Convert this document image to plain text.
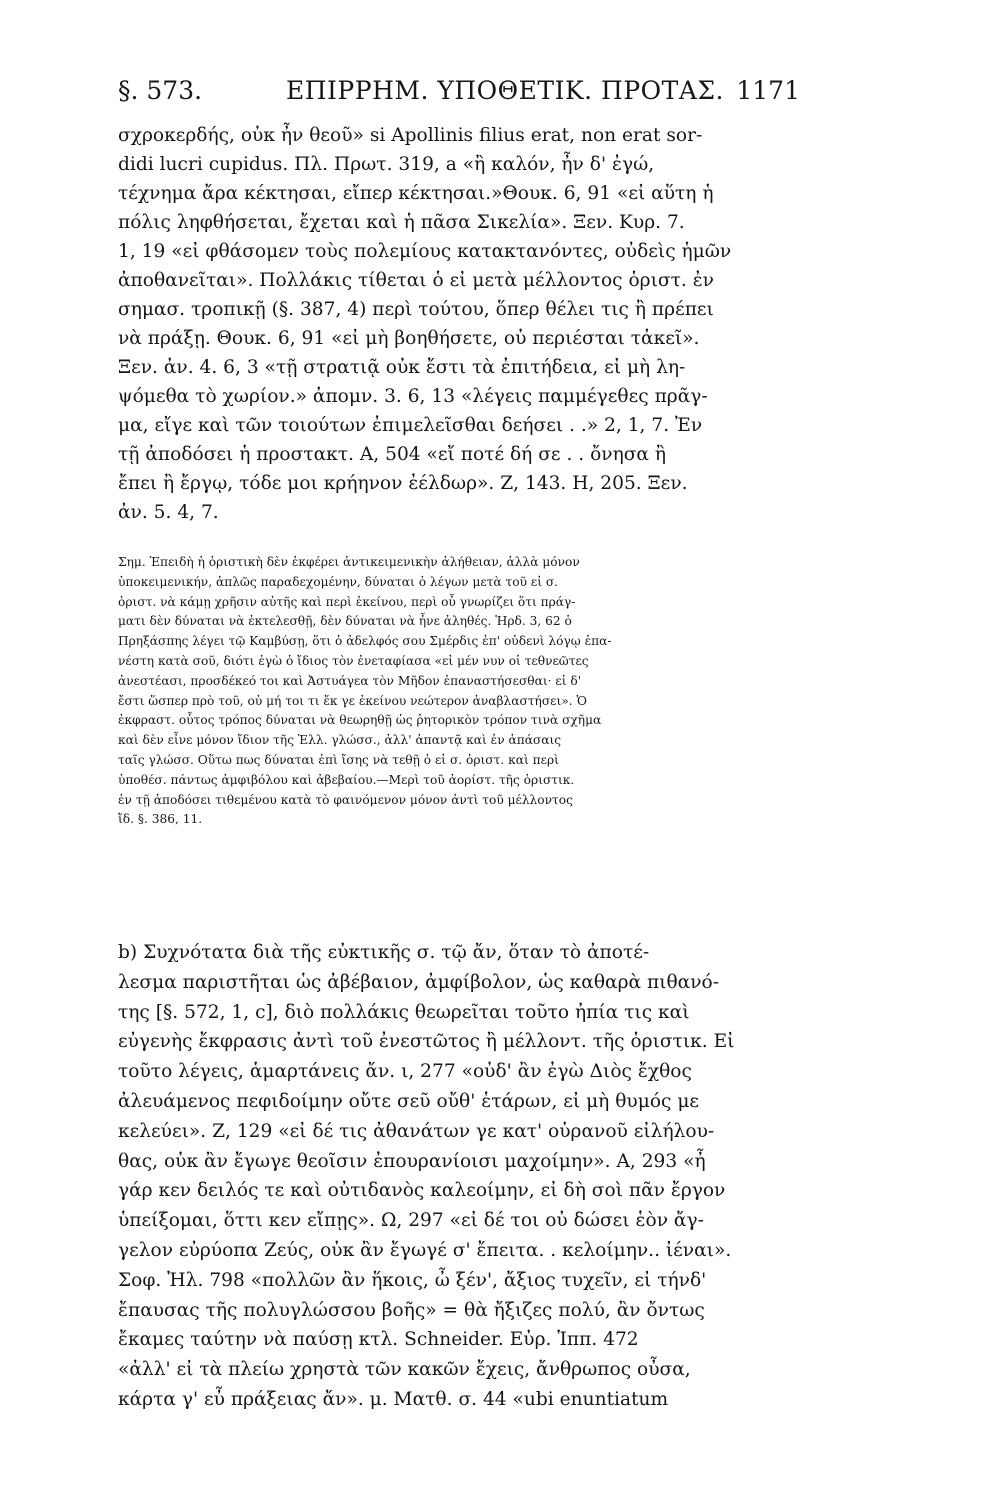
§. 573.	ΕΠΙΡΡΗΜ. ΥΠΟΘΕΤΙΚ. ΠΡΟΤΑΣ. 1171
σχροκερδής, οὐκ ἦν θεοῦ» si Apollinis filius erat, non erat sor-
didi lucri cupidus. Πλ. Πρωτ. 319, a «ἢ καλόν, ἦν δ' ἐγώ,
τέχνημα ἄρα κέκτησαι, εἴπερ κέκτησαι.»Θουκ. 6, 91 «εἰ αὕτη ἡ
πόλις ληφθήσεται, ἔχεται καὶ ἡ πᾶσα Σικελία». Ξεν. Κυρ. 7.
1, 19 «εἰ φθάσομεν τοὺς πολεμίους κατακτανόντες, οὐδεὶς ἡμῶν
ἀποθανεῖται». Πολλάκις τίθεται ὁ εἰ μετὰ μέλλοντος ὁριστ. ἐν
σημασ. τροπικῇ (§. 387, 4) περὶ τούτου, ὅπερ θέλει τις ἢ πρέπει
νὰ πράξῃ. Θουκ. 6, 91 «εἰ μὴ βοηθήσετε, οὐ περιέσται τἀκεῖ».
Ξεν. ἀν. 4. 6, 3 «τῇ στρατιᾷ οὐκ ἔστι τὰ ἐπιτήδεια, εἰ μὴ λη-
ψόμεθα τὸ χωρίον.» ἀπομν. 3. 6, 13 «λέγεις παμμέγεθες πρᾶγ-
μα, εἴγε καὶ τῶν τοιούτων ἐπιμελεῖσθαι δεήσει . .» 2, 1, 7. Ἐν
τῇ ἀποδόσει ἡ προστακτ. Α, 504 «εἴ ποτέ δή σε . . ὄνησα ἢ
ἔπει ἢ ἔργῳ, τόδε μοι κρήηνον ἐέλδωρ». Ζ, 143. Η, 205. Ξεν.
ἀν. 5. 4, 7.
Σημ. Ἐπειδὴ ἡ ὁριστικὴ δὲν ἐκφέρει ἀντικειμενικὴν ἀλήθειαν, ἀλλὰ μόνον
ὑποκειμενικήν, ἁπλῶς παραδεχομένην, δύναται ὁ λέγων μετὰ τοῦ εἰ σ.
ὁριστ. νὰ κάμῃ χρῆσιν αὐτῆς καὶ περὶ ἐκείνου, περὶ οὗ γνωρίζει ὅτι πράγ-
ματι δὲν δύναται νὰ ἐκτελεσθῇ, δὲν δύναται νὰ ἦνε ἀληθές. Ἡρδ. 3, 62 ὁ
Πρηξάσπης λέγει τῷ Καμβύσῃ, ὅτι ὁ ἀδελφός σου Σμέρδις ἐπ' οὐδενὶ λόγῳ ἐπα-
νέστη κατὰ σοῦ, διότι ἐγὼ ὁ ἴδιος τὸν ἐνεταφίασα «εἰ μέν νυν οἱ τεθνεῶτες
ἀνεστέασι, προσδέκεό τοι καὶ Ἀστυάγεα τὸν Μῆδον ἐπαναστήσεσθαι· εἰ δ'
ἔστι ὥσπερ πρὸ τοῦ, οὐ μή τοι τι ἔκ γε ἐκείνου νεώτερον ἀναβλαστήσει». Ὁ
ἐκφραστ. οὗτος τρόπος δύναται νὰ θεωρηθῇ ὡς ῥητορικὸν τρόπον τινὰ σχῆμα
καὶ δὲν εἶνε μόνον ἴδιον τῆς Ἑλλ. γλώσσ., ἀλλ' ἀπαντᾷ καὶ ἐν ἁπάσαις
ταῖς γλώσσ. Οὕτω πως δύναται ἐπὶ ἴσης νὰ τεθῇ ὁ εἰ σ. ὁριστ. καὶ περὶ
ὑποθέσ. πάντως ἀμφιβόλου καὶ ἀβεβαίου.—Μερὶ τοῦ ἀορίστ. τῆς ὁριστικ.
ἐν τῇ ἀποδόσει τιθεμένου κατὰ τὸ φαινόμενον μόνον ἀντὶ τοῦ μέλλοντος
ἴδ. §. 386, 11.
b) Συχνότατα διὰ τῆς εὐκτικῆς σ. τῷ ἄν, ὅταν τὸ ἀποτέ-
λεσμα παριστῆται ὡς ἀβέβαιον, ἀμφίβολον, ὡς καθαρὰ πιθανό-
της [§. 572, 1, c], διὸ πολλάκις θεωρεῖται τοῦτο ἠπία τις καὶ
εὐγενὴς ἔκφρασις ἀντὶ τοῦ ἐνεστῶτος ἢ μέλλοντ. τῆς ὁριστικ. Εἰ
τοῦτο λέγεις, ἁμαρτάνεις ἄν. ι, 277 «οὐδ' ἂν ἐγὼ Διὸς ἔχθος
ἀλευάμενος πεφιδοίμην οὔτε σεῦ οὔθ' ἑτάρων, εἰ μὴ θυμός με
κελεύει». Ζ, 129 «εἰ δέ τις ἀθανάτων γε κατ' οὐρανοῦ εἰλήλου-
θας, οὐκ ἂν ἔγωγε θεοῖσιν ἐπουρανίοισι μαχοίμην». Α, 293 «ἦ
γάρ κεν δειλός τε καὶ οὐτιδανὸς καλεοίμην, εἰ δὴ σοὶ πᾶν ἔργον
ὑπείξομαι, ὅττι κεν εἴπῃς». Ω, 297 «εἰ δέ τοι οὐ δώσει ἑὸν ἄγ-
γελον εὐρύοπα Ζεύς, οὐκ ἂν ἔγωγέ σ' ἔπειτα. . κελοίμην.. ἰέναι».
Σοφ. Ἠλ. 798 «πολλῶν ἂν ἥκοις, ὦ ξέν', ἄξιος τυχεῖν, εἰ τήνδ'
ἔπαυσας τῆς πολυγλώσσου βοῆς» = θὰ ἤξιζες πολύ, ἂν ὄντως
ἔκαμες ταύτην νὰ παύσῃ κτλ. Schneider. Εὐρ. Ἱππ. 472
«ἀλλ' εἰ τὰ πλείω χρηστὰ τῶν κακῶν ἔχεις, ἄνθρωπος οὖσα,
κάρτα γ' εὖ πράξειας ἄν». μ. Ματθ. σ. 44 «ubi enuntiatum
